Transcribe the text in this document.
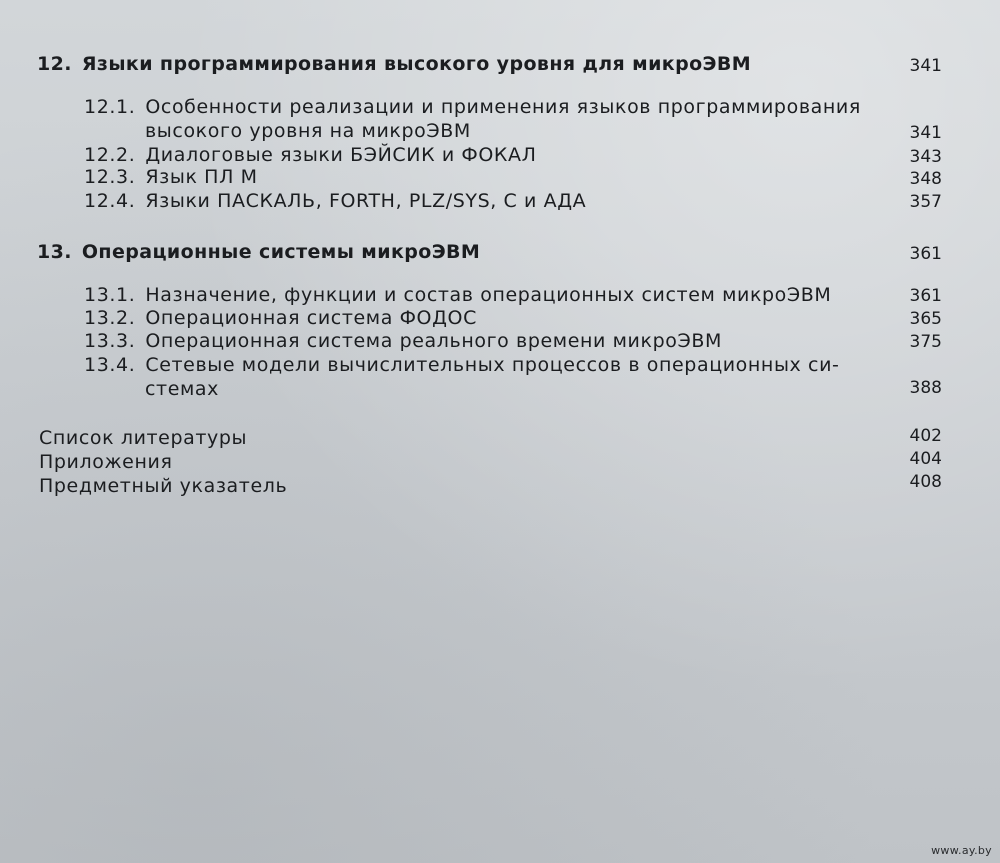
12. Языки программирования высокого уровня для микроЭВМ	341
12.1. Особенности реализации и применения языков программирования
высокого уровня на микроЭВМ	341
12.2. Диалоговые языки БЭЙСИК и ФОКАЛ	343
12.3. Язык ПЛ М	348
12.4. Языки ПАСКАЛЬ, FORTH, PLZ/SYS, C и АДА	357
13. Операционные системы микроЭВМ	361
13.1. Назначение, функции и состав операционных систем микроЭВМ	361
13.2. Операционная система ФОДОС	365
13.3. Операционная система реального времени микроЭВМ	375
13.4. Сетевые модели вычислительных процессов в операционных си-
стемах	388
Список литературы	402
Приложения	404
Предметный указатель	408
www.ay.by
